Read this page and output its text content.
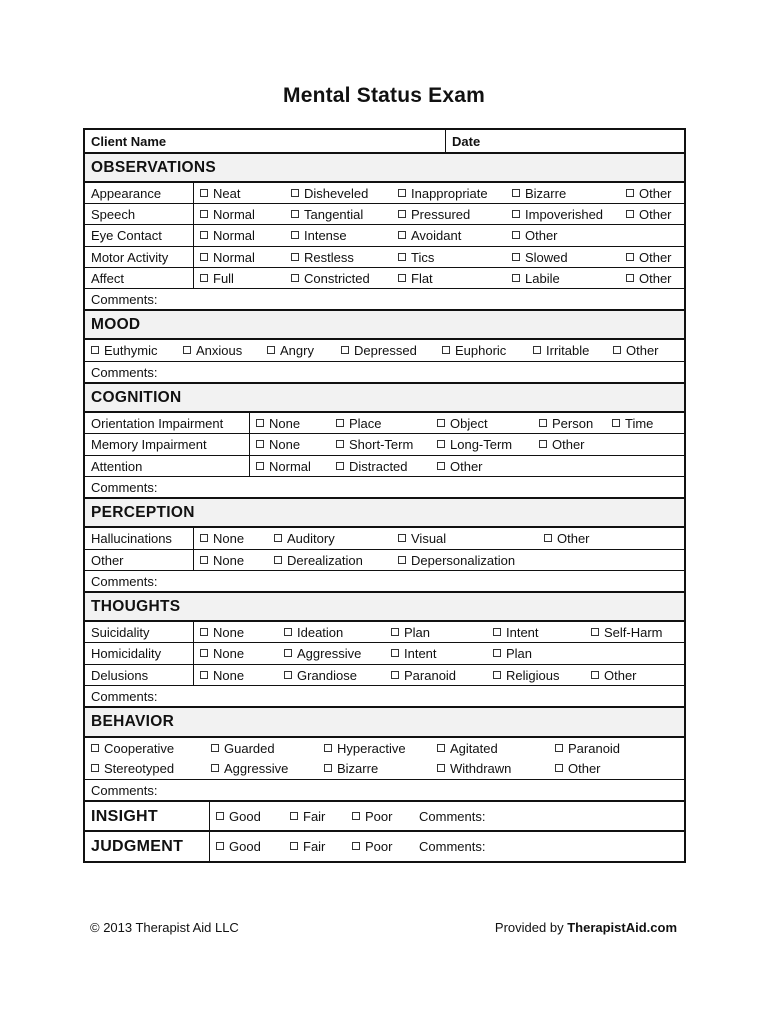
Mental Status Exam
Client Name	Date
OBSERVATIONS
Appearance	Neat	Disheveled	Inappropriate	Bizarre	Other
Speech	Normal	Tangential	Pressured	Impoverished	Other
Eye Contact	Normal	Intense	Avoidant	Other
Motor Activity	Normal	Restless	Tics	Slowed	Other
Affect	Full	Constricted	Flat	Labile	Other
Comments:
MOOD
Euthymic	Anxious	Angry	Depressed	Euphoric	Irritable	Other
Comments:
COGNITION
Orientation Impairment	None	Place	Object	Person	Time
Memory Impairment	None	Short-Term	Long-Term	Other
Attention	Normal	Distracted	Other
Comments:
PERCEPTION
Hallucinations	None	Auditory	Visual	Other
Other	None	Derealization	Depersonalization
Comments:
THOUGHTS
Suicidality	None	Ideation	Plan	Intent	Self-Harm
Homicidality	None	Aggressive	Intent	Plan
Delusions	None	Grandiose	Paranoid	Religious	Other
Comments:
BEHAVIOR
Cooperative	Guarded	Hyperactive	Agitated	Paranoid
Stereotyped	Aggressive	Bizarre	Withdrawn	Other
Comments:
INSIGHT	Good	Fair	Poor Comments:
JUDGMENT	Good	Fair	Poor Comments:
© 2013 Therapist Aid LLC	Provided by TherapistAid.com
